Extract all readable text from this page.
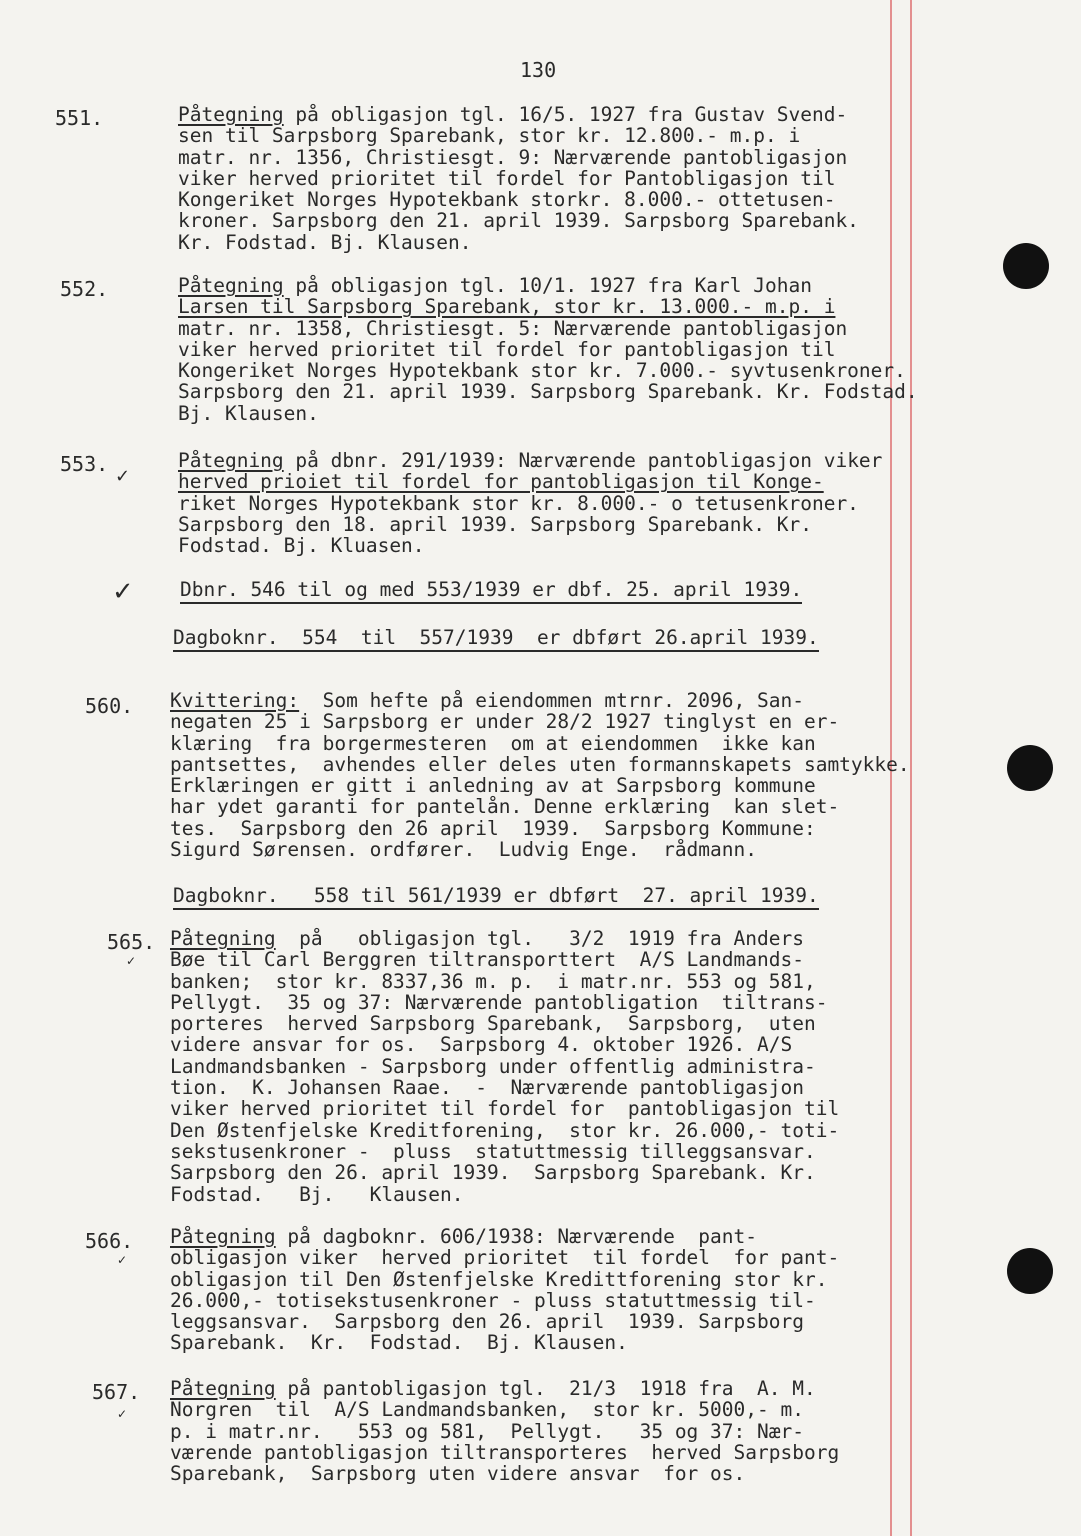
130
551.	Påtegning på obligasjon tgl. 16/5. 1927 fra Gustav Svend-
sen til Sarpsborg Sparebank, stor kr. 12.800.- m.p. i
matr. nr. 1356, Christiesgt. 9: Nærværende pantobligasjon
viker herved prioritet til fordel for Pantobligasjon til
Kongeriket Norges Hypotekbank storkr. 8.000.- ottetusen-
kroner. Sarpsborg den 21. april 1939. Sarpsborg Sparebank.
Kr. Fodstad. Bj. Klausen.
552.	Påtegning på obligasjon tgl. 10/1. 1927 fra Karl Johan
Larsen til Sarpsborg Sparebank, stor kr. 13.000.- m.p. i
matr. nr. 1358, Christiesgt. 5: Nærværende pantobligasjon
viker herved prioritet til fordel for pantobligasjon til
Kongeriket Norges Hypotekbank stor kr. 7.000.- syvtusenkroner.
Sarpsborg den 21. april 1939. Sarpsborg Sparebank. Kr. Fodstad.
Bj. Klausen.
553.
✓
Påtegning på dbnr. 291/1939: Nærværende pantobligasjon viker
herved prioiet til fordel for pantobligasjon til Konge-
riket Norges Hypotekbank stor kr. 8.000.- o tetusenkroner.
Sarpsborg den 18. april 1939. Sarpsborg Sparebank. Kr.
Fodstad. Bj. Kluasen.
✓ Dbnr. 546 til og med 553/1939 er dbf. 25. april 1939.
Dagboknr.  554  til  557/1939  er dbført 26.april 1939.
560. Kvittering:  Som hefte på eiendommen mtrnr. 2096, San-
negaten 25 i Sarpsborg er under 28/2 1927 tinglyst en er-
klæring  fra borgermesteren  om at eiendommen  ikke kan
pantsettes,  avhendes eller deles uten formannskapets samtykke.
Erklæringen er gitt i anledning av at Sarpsborg kommune
har ydet garanti for pantelån. Denne erklæring  kan slet-
tes.  Sarpsborg den 26 april  1939.  Sarpsborg Kommune:
Sigurd Sørensen. ordfører.  Ludvig Enge.  rådmann.
Dagboknr.   558 til 561/1939 er dbført  27. april 1939.
565.
✓
Påtegning  på   obligasjon tgl.   3/2  1919 fra Anders
Bøe til Carl Berggren tiltransporttert  A/S Landmands-
banken;  stor kr. 8337,36 m. p.  i matr.nr. 553 og 581,
Pellygt.  35 og 37: Nærværende pantobligation  tiltrans-
porteres  herved Sarpsborg Sparebank,  Sarpsborg,  uten
videre ansvar for os.  Sarpsborg 4. oktober 1926. A/S
Landmandsbanken - Sarpsborg under offentlig administra-
tion.  K. Johansen Raae.  -  Nærværende pantobligasjon
viker herved prioritet til fordel for  pantobligasjon til
Den Østenfjelske Kreditforening,  stor kr. 26.000,- toti-
sekstusenkroner -  pluss  statuttmessig tilleggsansvar.
Sarpsborg den 26. april 1939.  Sarpsborg Sparebank. Kr.
Fodstad.   Bj.   Klausen.
566.
✓
Påtegning på dagboknr. 606/1938: Nærværende  pant-
obligasjon viker  herved prioritet  til fordel  for pant-
obligasjon til Den Østenfjelske Kredittforening stor kr.
26.000,- totisekstusenkroner - pluss statuttmessig til-
leggsansvar.  Sarpsborg den 26. april  1939. Sarpsborg
Sparebank.  Kr.  Fodstad.  Bj. Klausen.
567.
✓
Påtegning på pantobligasjon tgl.  21/3  1918 fra  A. M.
Norgren  til  A/S Landmandsbanken,  stor kr. 5000,- m.
p. i matr.nr.   553 og 581,  Pellygt.   35 og 37: Nær-
værende pantobligasjon tiltransporteres  herved Sarpsborg
Sparebank,  Sarpsborg uten videre ansvar  for os.
